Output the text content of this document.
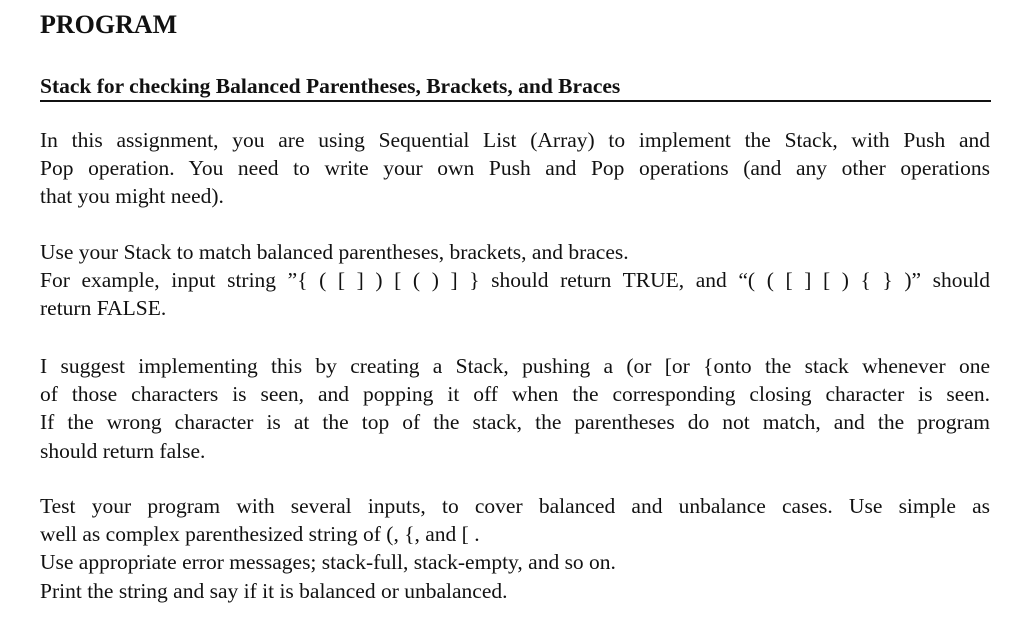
PROGRAM
Stack for checking Balanced Parentheses, Brackets, and Braces

In this assignment, you are using Sequential List (Array) to implement the Stack, with Push and
Pop operation. You need to write your own Push and Pop operations (and any other operations
that you might need).

Use your Stack to match balanced parentheses, brackets, and braces.
For example, input string ”{ ( [ ] ) [ ( ) ] } should return TRUE, and “( ( [ ] [ ) { } )” should
return FALSE.

I suggest implementing this by creating a Stack, pushing a (or [or {onto the stack whenever one
of those characters is seen, and popping it off when the corresponding closing character is seen.
If the wrong character is at the top of the stack, the parentheses do not match, and the program
should return false.

Test your program with several inputs, to cover balanced and unbalance cases. Use simple as
well as complex parenthesized string of (, {, and [ .
Use appropriate error messages; stack-full, stack-empty, and so on.
Print the string and say if it is balanced or unbalanced.
